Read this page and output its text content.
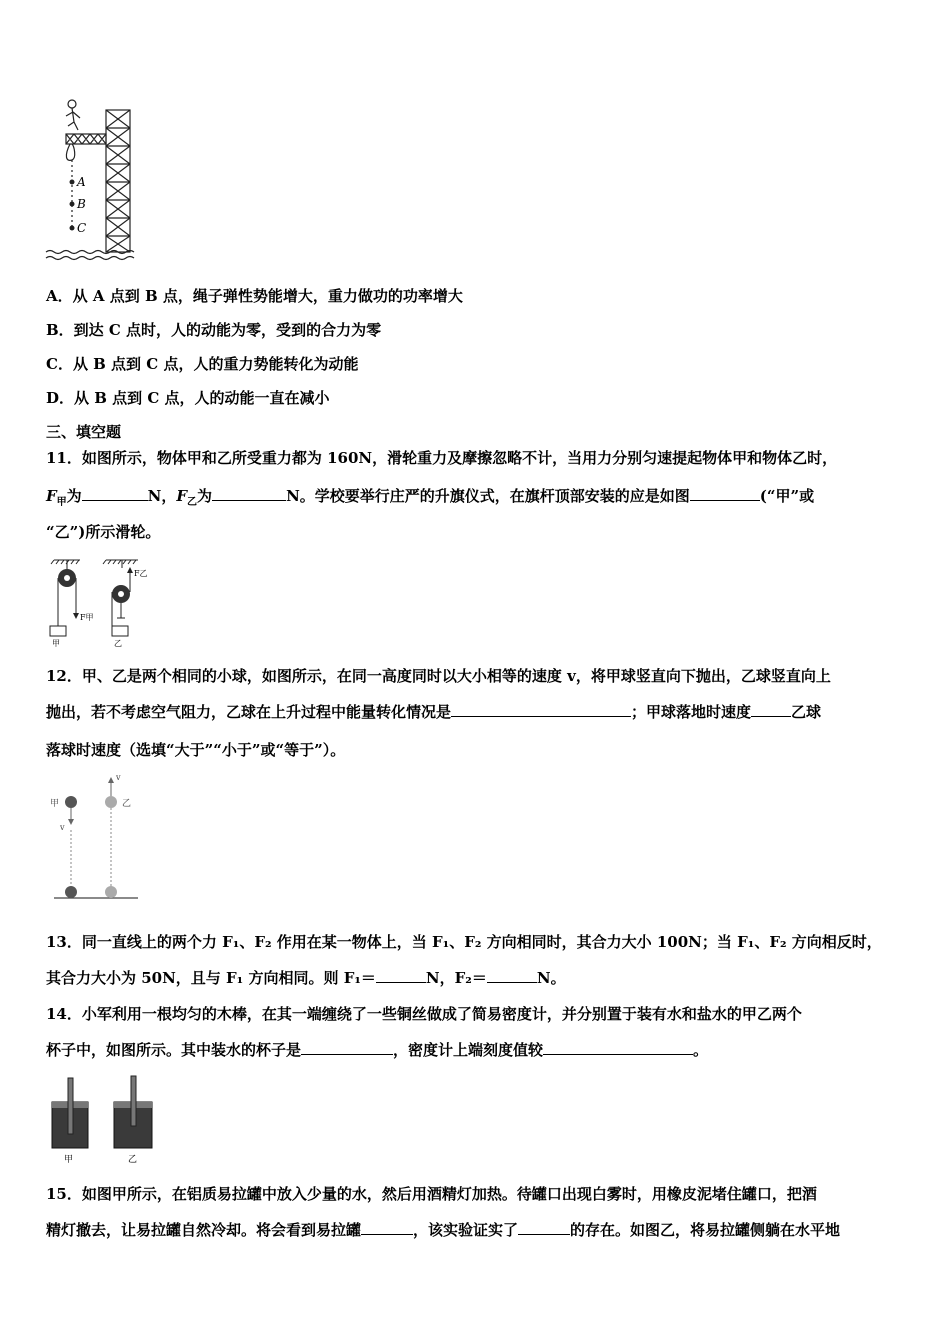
A
B
C
A．从 A 点到 B 点，绳子弹性势能增大，重力做功的功率增大
B．到达 C 点时，人的动能为零，受到的合力为零
C．从 B 点到 C 点，人的重力势能转化为动能
D．从 B 点到 C 点，人的动能一直在减小
三、填空题
11．如图所示，物体甲和乙所受重力都为 160N，滑轮重力及摩擦忽略不计，当用力分别匀速提起物体甲和物体乙时，
$F_甲$为	N，$F_乙$为	N。学校要举行庄严的升旗仪式，在旗杆顶部安装的应是如图	(“甲”或
“乙”)所示滑轮。
F甲
F乙
甲	乙
12．甲、乙是两个相同的小球，如图所示，在同一高度同时以大小相等的速度 v，将甲球竖直向下抛出，乙球竖直向上
抛出，若不考虑空气阻力，乙球在上升过程中能量转化情况是	；甲球落地时速度	乙球
落球时速度（选填“大于”“小于”或“等于”）。
甲	乙
v
v
13．同一直线上的两个力 F₁、F₂ 作用在某一物体上，当 F₁、F₂ 方向相同时，其合力大小 100N；当 F₁、F₂ 方向相反时，
其合力大小为 50N，且与 F₁ 方向相同。则 F₁＝	N，F₂＝	N。
14．小军利用一根均匀的木棒，在其一端缠绕了一些铜丝做成了简易密度计，并分别置于装有水和盐水的甲乙两个
杯子中，如图所示。其中装水的杯子是	，密度计上端刻度值较	。
甲	乙
15．如图甲所示，在铝质易拉罐中放入少量的水，然后用酒精灯加热。待罐口出现白雾时，用橡皮泥堵住罐口，把酒
精灯撤去，让易拉罐自然冷却。将会看到易拉罐	，该实验证实了	的存在。如图乙，将易拉罐侧躺在水平地
